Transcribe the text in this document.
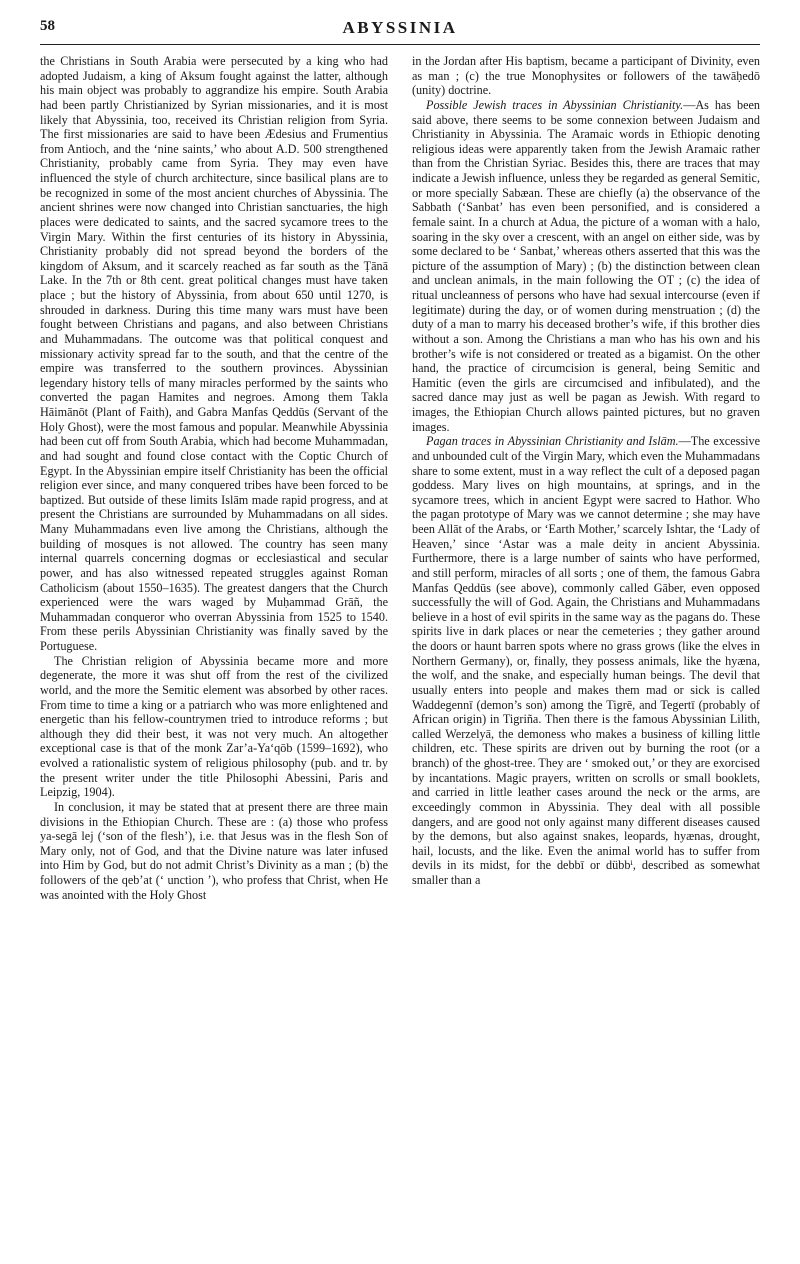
58	ABYSSINIA

the Christians in South Arabia were persecuted by a king who had adopted Judaism, a king of Aksum fought against the latter, although his main object was probably to aggrandize his empire. South Arabia had been partly Christianized by Syrian missionaries, and it is most likely that Abyssinia, too, received its Christian religion from Syria. The first missionaries are said to have been Ædesius and Frumentius from Antioch, and the ‘nine saints,’ who about A.D. 500 strengthened Christianity, probably came from Syria. They may even have influenced the style of church architecture, since basilical plans are to be recognized in some of the most ancient churches of Abyssinia. The ancient shrines were now changed into Christian sanctuaries, the high places were dedicated to saints, and the sacred sycamore trees to the Virgin Mary. Within the first centuries of its history in Abyssinia, Christianity probably did not spread beyond the borders of the kingdom of Aksum, and it scarcely reached as far south as the Ṭānā Lake. In the 7th or 8th cent. great political changes must have taken place ; but the history of Abyssinia, from about 650 until 1270, is shrouded in darkness. During this time many wars must have been fought between Christians and pagans, and also between Christians and Muhammadans. The outcome was that political conquest and missionary activity spread far to the south, and that the centre of the empire was transferred to the southern provinces. Abyssinian legendary history tells of many miracles performed by the saints who converted the pagan Hamites and negroes. Among them Takla Hāimānōt (Plant of Faith), and Gabra Manfas Qeddūs (Servant of the Holy Ghost), were the most famous and popular. Meanwhile Abyssinia had been cut off from South Arabia, which had become Muhammadan, and had sought and found close contact with the Coptic Church of Egypt. In the Abyssinian empire itself Christianity has been the official religion ever since, and many conquered tribes have been forced to be baptized. But outside of these limits Islām made rapid progress, and at present the Christians are surrounded by Muhammadans on all sides. Many Muhammadans even live among the Christians, although the building of mosques is not allowed. The country has seen many internal quarrels concerning dogmas or ecclesiastical and secular power, and has also witnessed repeated struggles against Roman Catholicism (about 1550–1635). The greatest dangers that the Church experienced were the wars waged by Muḥammad Grāñ, the Muhammadan conqueror who overran Abyssinia from 1525 to 1540. From these perils Abyssinian Christianity was finally saved by the Portuguese.

The Christian religion of Abyssinia became more and more degenerate, the more it was shut off from the rest of the civilized world, and the more the Semitic element was absorbed by other races. From time to time a king or a patriarch who was more enlightened and energetic than his fellow-countrymen tried to introduce reforms ; but although they did their best, it was not very much. An altogether exceptional case is that of the monk Zar’a-Ya‘qōb (1599–1692), who evolved a rationalistic system of religious philosophy (pub. and tr. by the present writer under the title Philosophi Abessini, Paris and Leipzig, 1904).

In conclusion, it may be stated that at present there are three main divisions in the Ethiopian Church. These are : (a) those who profess ya-segā lej (‘son of the flesh’), i.e. that Jesus was in the flesh Son of Mary only, not of God, and that the Divine nature was later infused into Him by God, but do not admit Christ’s Divinity as a man ; (b) the followers of the qeb’at (‘ unction ’), who profess that Christ, when He was anointed with the Holy Ghost

in the Jordan after His baptism, became a participant of Divinity, even as man ; (c) the true Monophysites or followers of the tawāḥedō (unity) doctrine.

Possible Jewish traces in Abyssinian Christianity.—As has been said above, there seems to be some connexion between Judaism and Christianity in Abyssinia. The Aramaic words in Ethiopic denoting religious ideas were apparently taken from the Jewish Aramaic rather than from the Christian Syriac. Besides this, there are traces that may indicate a Jewish influence, unless they be regarded as general Semitic, or more specially Sabæan. These are chiefly (a) the observance of the Sabbath (‘Sanbat’ has even been personified, and is considered a female saint. In a church at Adua, the picture of a woman with a halo, soaring in the sky over a crescent, with an angel on either side, was by some declared to be ‘ Sanbat,’ whereas others asserted that this was the picture of the assumption of Mary) ; (b) the distinction between clean and unclean animals, in the main following the OT ; (c) the idea of ritual uncleanness of persons who have had sexual intercourse (even if legitimate) during the day, or of women during menstruation ; (d) the duty of a man to marry his deceased brother’s wife, if this brother dies without a son. Among the Christians a man who has his own and his brother’s wife is not considered or treated as a bigamist. On the other hand, the practice of circumcision is general, being Semitic and Hamitic (even the girls are circumcised and infibulated), and the sacred dance may just as well be pagan as Jewish. With regard to images, the Ethiopian Church allows painted pictures, but no graven images.

Pagan traces in Abyssinian Christianity and Islām.—The excessive and unbounded cult of the Virgin Mary, which even the Muhammadans share to some extent, must in a way reflect the cult of a deposed pagan goddess. Mary lives on high mountains, at springs, and in the sycamore trees, which in ancient Egypt were sacred to Hathor. Who the pagan prototype of Mary was we cannot determine ; she may have been Allāt of the Arabs, or ‘Earth Mother,’ scarcely Ishtar, the ‘Lady of Heaven,’ since ‘Astar was a male deity in ancient Abyssinia. Furthermore, there is a large number of saints who have performed, and still perform, miracles of all sorts ; one of them, the famous Gabra Manfas Qeddūs (see above), commonly called Gāber, even opposed successfully the will of God. Again, the Christians and Muhammadans believe in a host of evil spirits in the same way as the pagans do. These spirits live in dark places or near the cemeteries ; they gather around the doors or haunt barren spots where no grass grows (like the elves in Northern Germany), or, finally, they possess animals, like the hyæna, the wolf, and the snake, and especially human beings. The devil that usually enters into people and makes them mad or sick is called Waddegennī (demon’s son) among the Tigrē, and Tegertī (probably of African origin) in Tigriña. Then there is the famous Abyssinian Lilith, called Werzelyā, the demoness who makes a business of killing little children, etc. These spirits are driven out by burning the root (or a branch) of the ghost-tree. They are ‘ smoked out,’ or they are exorcised by incantations. Magic prayers, written on scrolls or small booklets, and carried in little leather cases around the neck or the arms, are exceedingly common in Abyssinia. They deal with all possible dangers, and are good not only against many different diseases caused by the demons, but also against snakes, leopards, hyænas, drought, hail, locusts, and the like. Even the animal world has to suffer from devils in its midst, for the debbī or dübbⁱ, described as somewhat smaller than a
